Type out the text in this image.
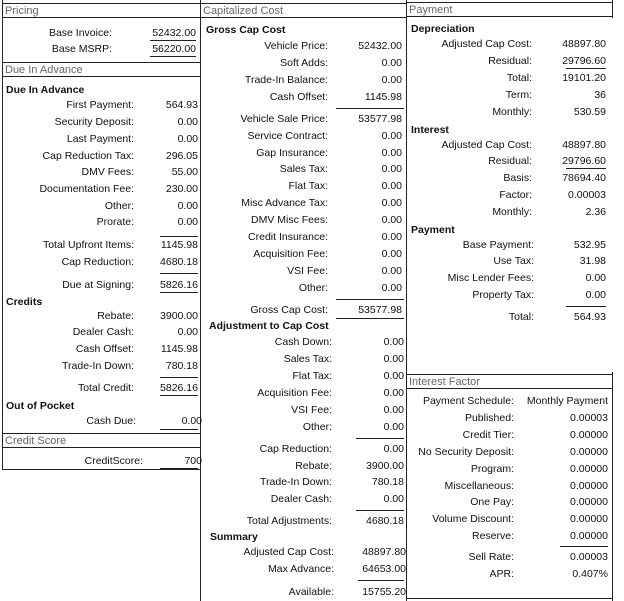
Pricing	Capitalized Cost	Payment
Due In Advance
Credit Score
Interest Factor
Base Invoice:	52432.00
Base MSRP:	56220.00
Due In Advance
First Payment:	564.93
Security Deposit:	0.00
Last Payment:	0.00
Cap Reduction Tax:	296.05
DMV Fees:	55.00
Documentation Fee:	230.00
Other:	0.00
Prorate:	0.00
Total Upfront Items:	1145.98
Cap Reduction:	4680.18
Due at Signing:	5826.16
Credits
Rebate:	3900.00
Dealer Cash:	0.00
Cash Offset:	1145.98
Trade-In Down:	780.18
Total Credit:	5826.16
Out of Pocket
Cash Due:	0.00
CreditScore:	700
Gross Cap Cost
Vehicle Price:	52432.00
Soft Adds:	0.00
Trade-In Balance:	0.00
Cash Offset:	1145.98
Vehicle Sale Price:	53577.98
Service Contract:	0.00
Gap Insurance:	0.00
Sales Tax:	0.00
Flat Tax:	0.00
Misc Advance Tax:	0.00
DMV Misc Fees:	0.00
Credit Insurance:	0.00
Acquisition Fee:	0.00
VSI Fee:	0.00
Other:	0.00
Gross Cap Cost:	53577.98
Adjustment to Cap Cost
Cash Down:	0.00
Sales Tax:	0.00
Flat Tax:	0.00
Acquisition Fee:	0.00
VSI Fee:	0.00
Other:	0.00
Cap Reduction:	0.00
Rebate:	3900.00
Trade-In Down:	780.18
Dealer Cash:	0.00
Total Adjustments:	4680.18
Summary
Adjusted Cap Cost:	48897.80
Max Advance:	64653.00
Available:	15755.20
Depreciation
Adjusted Cap Cost:	48897.80
Residual:	29796.60
Total:	19101.20
Term:	36
Monthly:	530.59
Interest
Adjusted Cap Cost:	48897.80
Residual:	29796.60
Basis:	78694.40
Factor:	0.00003
Monthly:	2.36
Payment
Base Payment:	532.95
Use Tax:	31.98
Misc Lender Fees:	0.00
Property Tax:	0.00
Total:	564.93
Payment Schedule:	Monthly Payment
Published:	0.00003
Credit Tier:	0.00000
No Security Deposit:	0.00000
Program:	0.00000
Miscellaneous:	0.00000
One Pay:	0.00000
Volume Discount:	0.00000
Reserve:	0.00000
Sell Rate:	0.00003
APR:	0.407%
